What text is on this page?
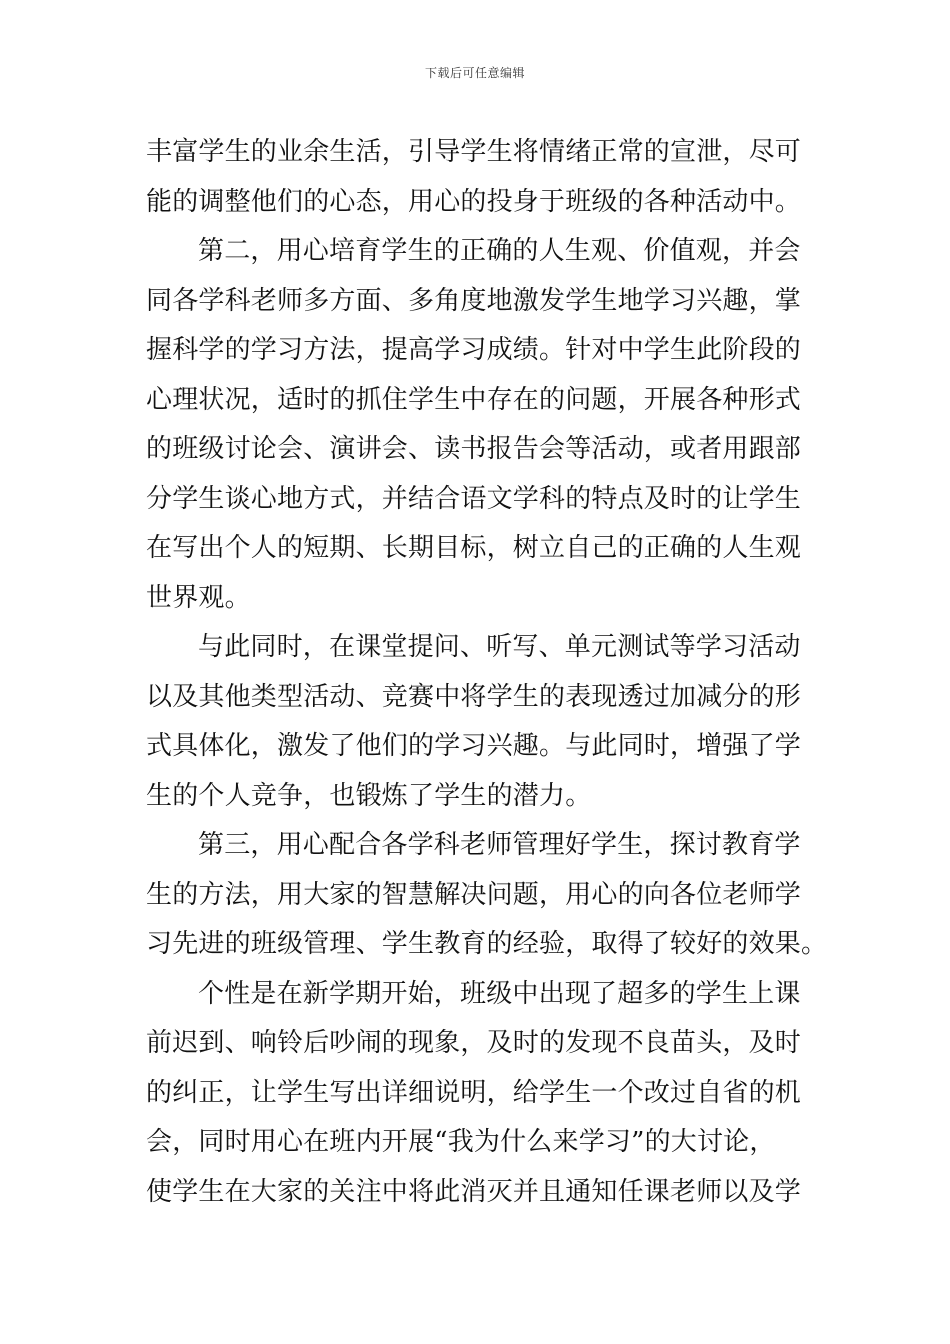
下载后可任意编辑
丰富学生的业余生活，引导学生将情绪正常的宣泄，尽可
能的调整他们的心态，用心的投身于班级的各种活动中。
第二，用心培育学生的正确的人生观、价值观，并会
同各学科老师多方面、多角度地激发学生地学习兴趣，掌
握科学的学习方法，提高学习成绩。针对中学生此阶段的
心理状况，适时的抓住学生中存在的问题，开展各种形式
的班级讨论会、演讲会、读书报告会等活动，或者用跟部
分学生谈心地方式，并结合语文学科的特点及时的让学生
在写出个人的短期、长期目标，树立自己的正确的人生观
世界观。
与此同时，在课堂提问、听写、单元测试等学习活动
以及其他类型活动、竞赛中将学生的表现透过加减分的形
式具体化，激发了他们的学习兴趣。与此同时，增强了学
生的个人竞争，也锻炼了学生的潜力。
第三，用心配合各学科老师管理好学生，探讨教育学
生的方法，用大家的智慧解决问题，用心的向各位老师学
习先进的班级管理、学生教育的经验，取得了较好的效果。
个性是在新学期开始，班级中出现了超多的学生上课
前迟到、响铃后吵闹的现象，及时的发现不良苗头，及时
的纠正，让学生写出详细说明，给学生一个改过自省的机
会，同时用心在班内开展“我为什么来学习”的大讨论，
使学生在大家的关注中将此消灭并且通知任课老师以及学
